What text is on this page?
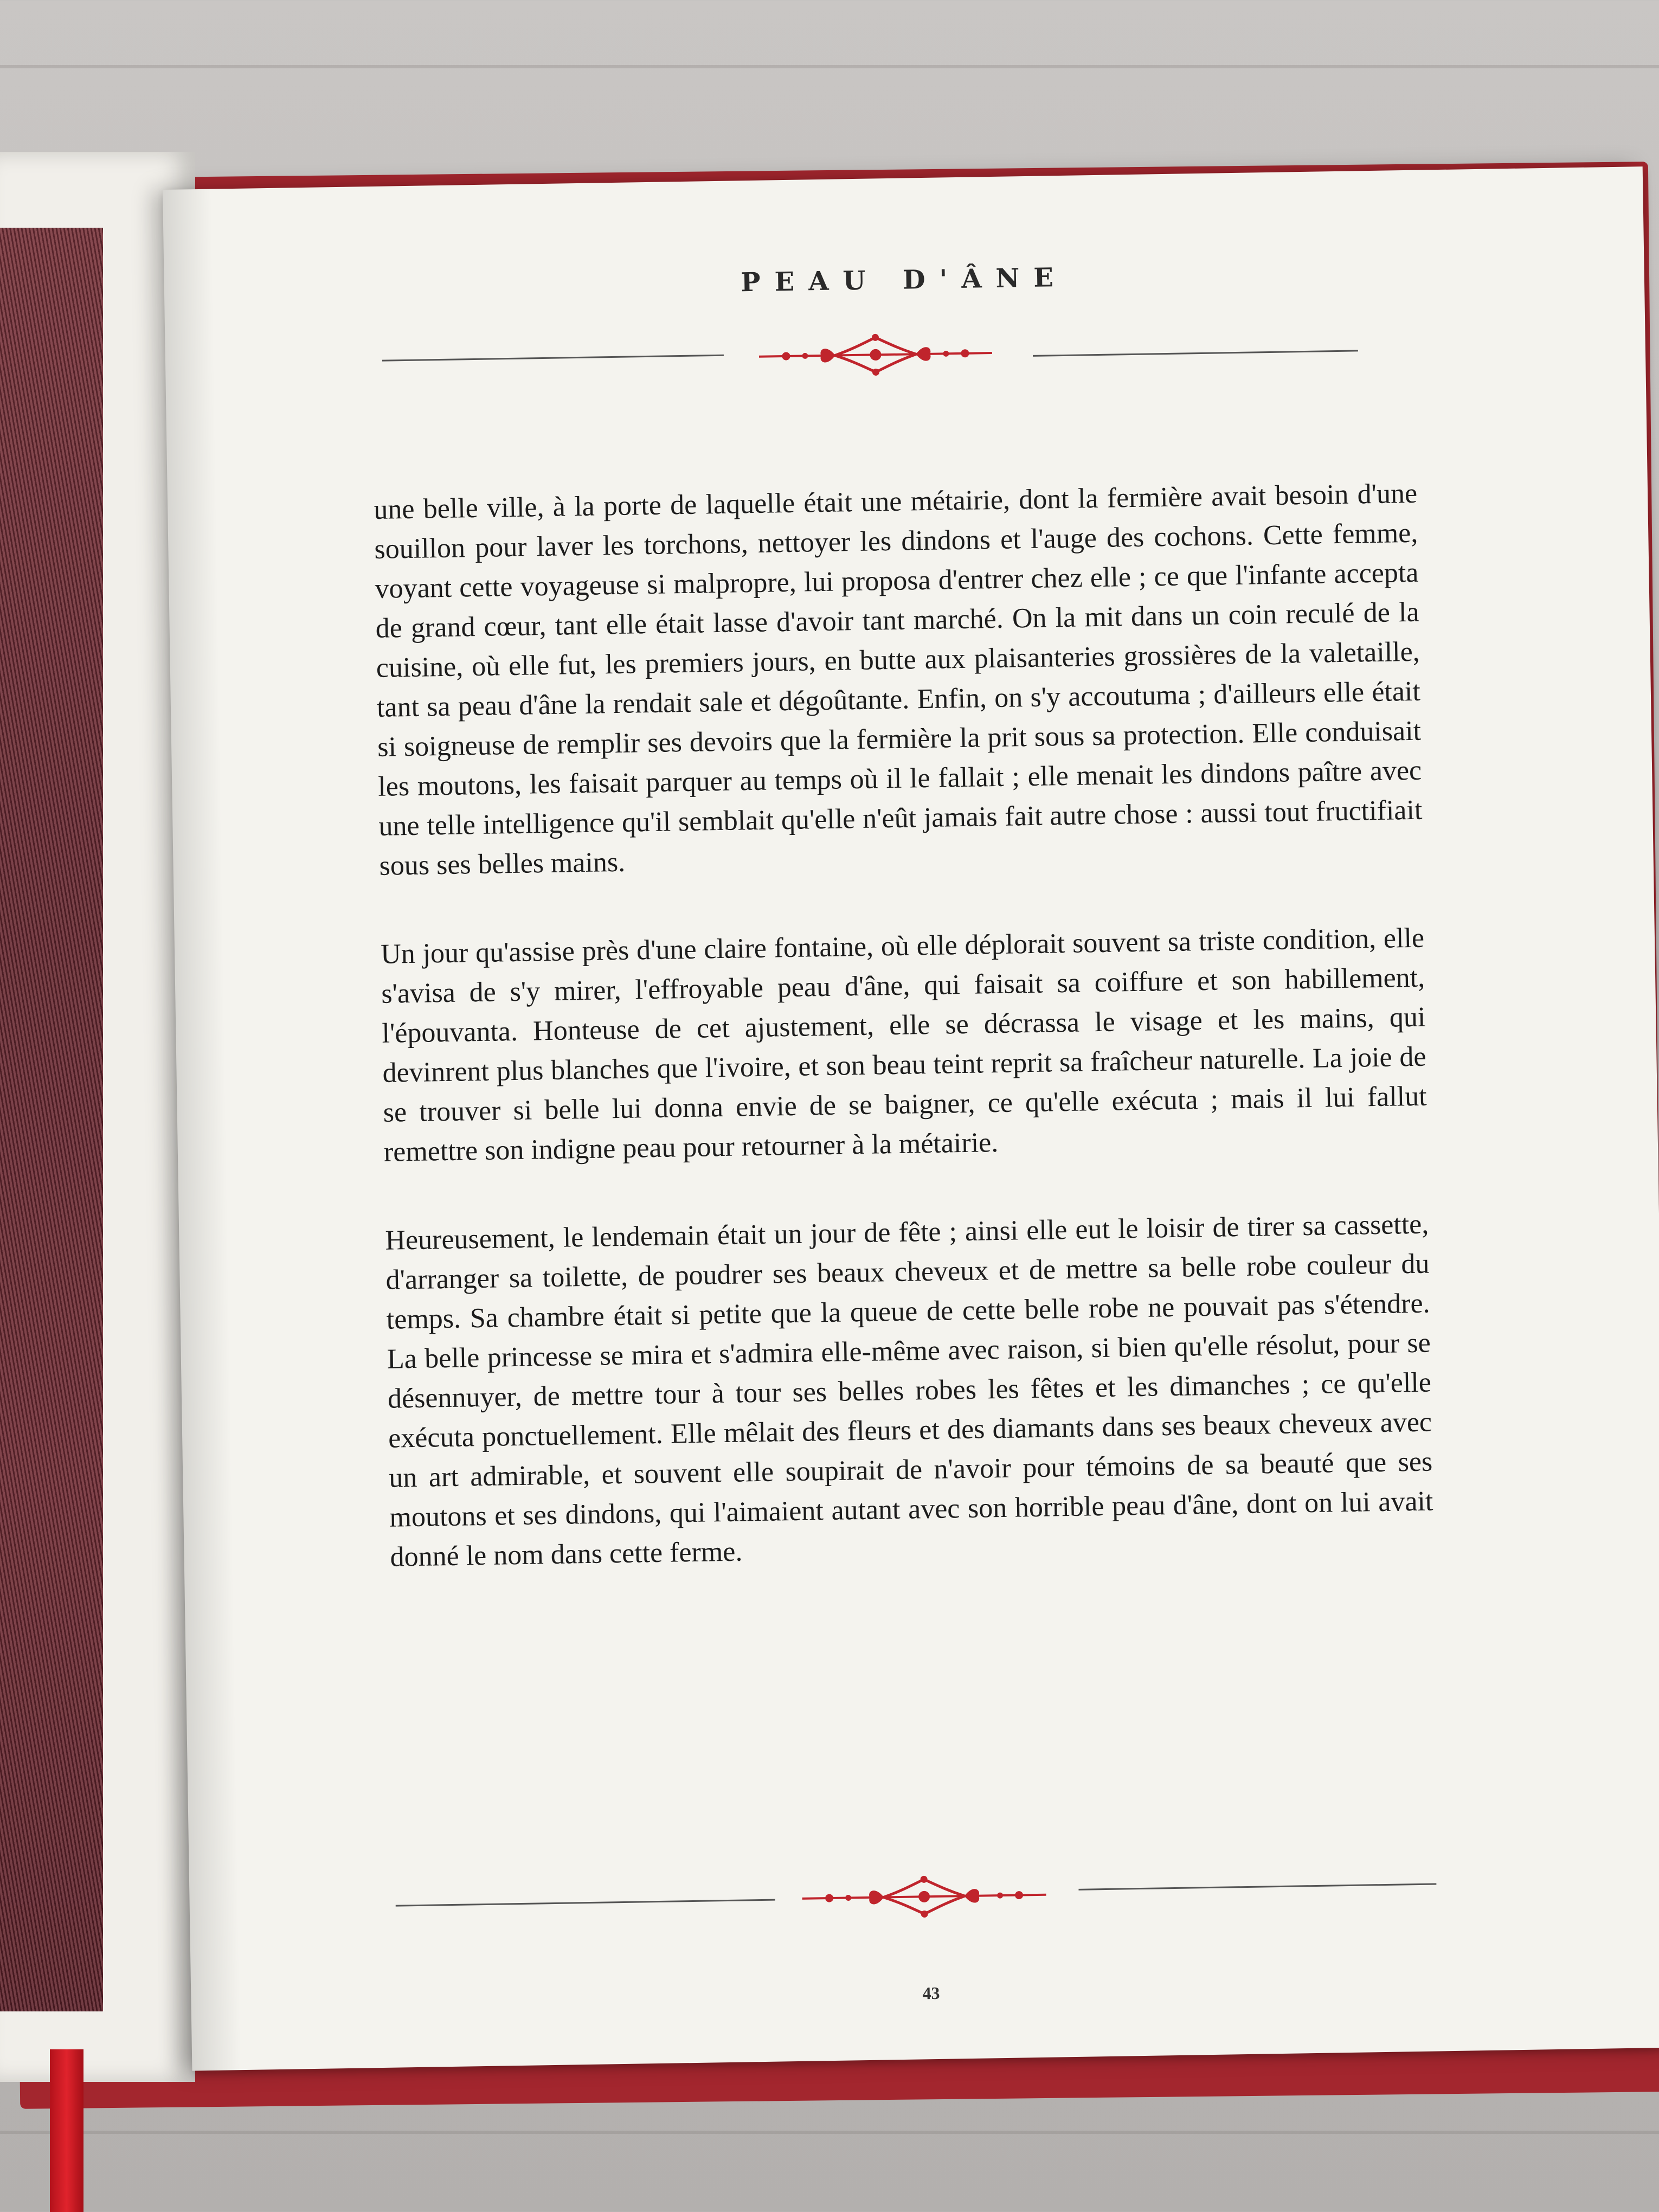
PEAU D'ÂNE

une belle ville, à la porte de laquelle était une métairie, dont la fermière avait besoin d'une souillon pour laver les torchons, nettoyer les dindons et l'auge des cochons. Cette femme, voyant cette voyageuse si malpropre, lui proposa d'entrer chez elle ; ce que l'infante accepta de grand cœur, tant elle était lasse d'avoir tant marché. On la mit dans un coin reculé de la cuisine, où elle fut, les premiers jours, en butte aux plaisanteries grossières de la valetaille, tant sa peau d'âne la rendait sale et dégoûtante. Enfin, on s'y accoutuma ; d'ailleurs elle était si soigneuse de remplir ses devoirs que la fermière la prit sous sa protection. Elle conduisait les moutons, les faisait parquer au temps où il le fallait ; elle menait les dindons paître avec une telle intelligence qu'il semblait qu'elle n'eût jamais fait autre chose : aussi tout fructifiait sous ses belles mains.

Un jour qu'assise près d'une claire fontaine, où elle déplorait souvent sa triste condition, elle s'avisa de s'y mirer, l'effroyable peau d'âne, qui faisait sa coiffure et son habillement, l'épouvanta. Honteuse de cet ajustement, elle se décrassa le visage et les mains, qui devinrent plus blanches que l'ivoire, et son beau teint reprit sa fraîcheur naturelle. La joie de se trouver si belle lui donna envie de se baigner, ce qu'elle exécuta ; mais il lui fallut remettre son indigne peau pour retourner à la métairie.

Heureusement, le lendemain était un jour de fête ; ainsi elle eut le loisir de tirer sa cassette, d'arranger sa toilette, de poudrer ses beaux cheveux et de mettre sa belle robe couleur du temps. Sa chambre était si petite que la queue de cette belle robe ne pouvait pas s'étendre. La belle princesse se mira et s'admira elle-même avec raison, si bien qu'elle résolut, pour se désennuyer, de mettre tour à tour ses belles robes les fêtes et les dimanches ; ce qu'elle exécuta ponctuellement. Elle mêlait des fleurs et des diamants dans ses beaux cheveux avec un art admirable, et souvent elle soupirait de n'avoir pour témoins de sa beauté que ses moutons et ses dindons, qui l'aimaient autant avec son horrible peau d'âne, dont on lui avait donné le nom dans cette ferme.

43
